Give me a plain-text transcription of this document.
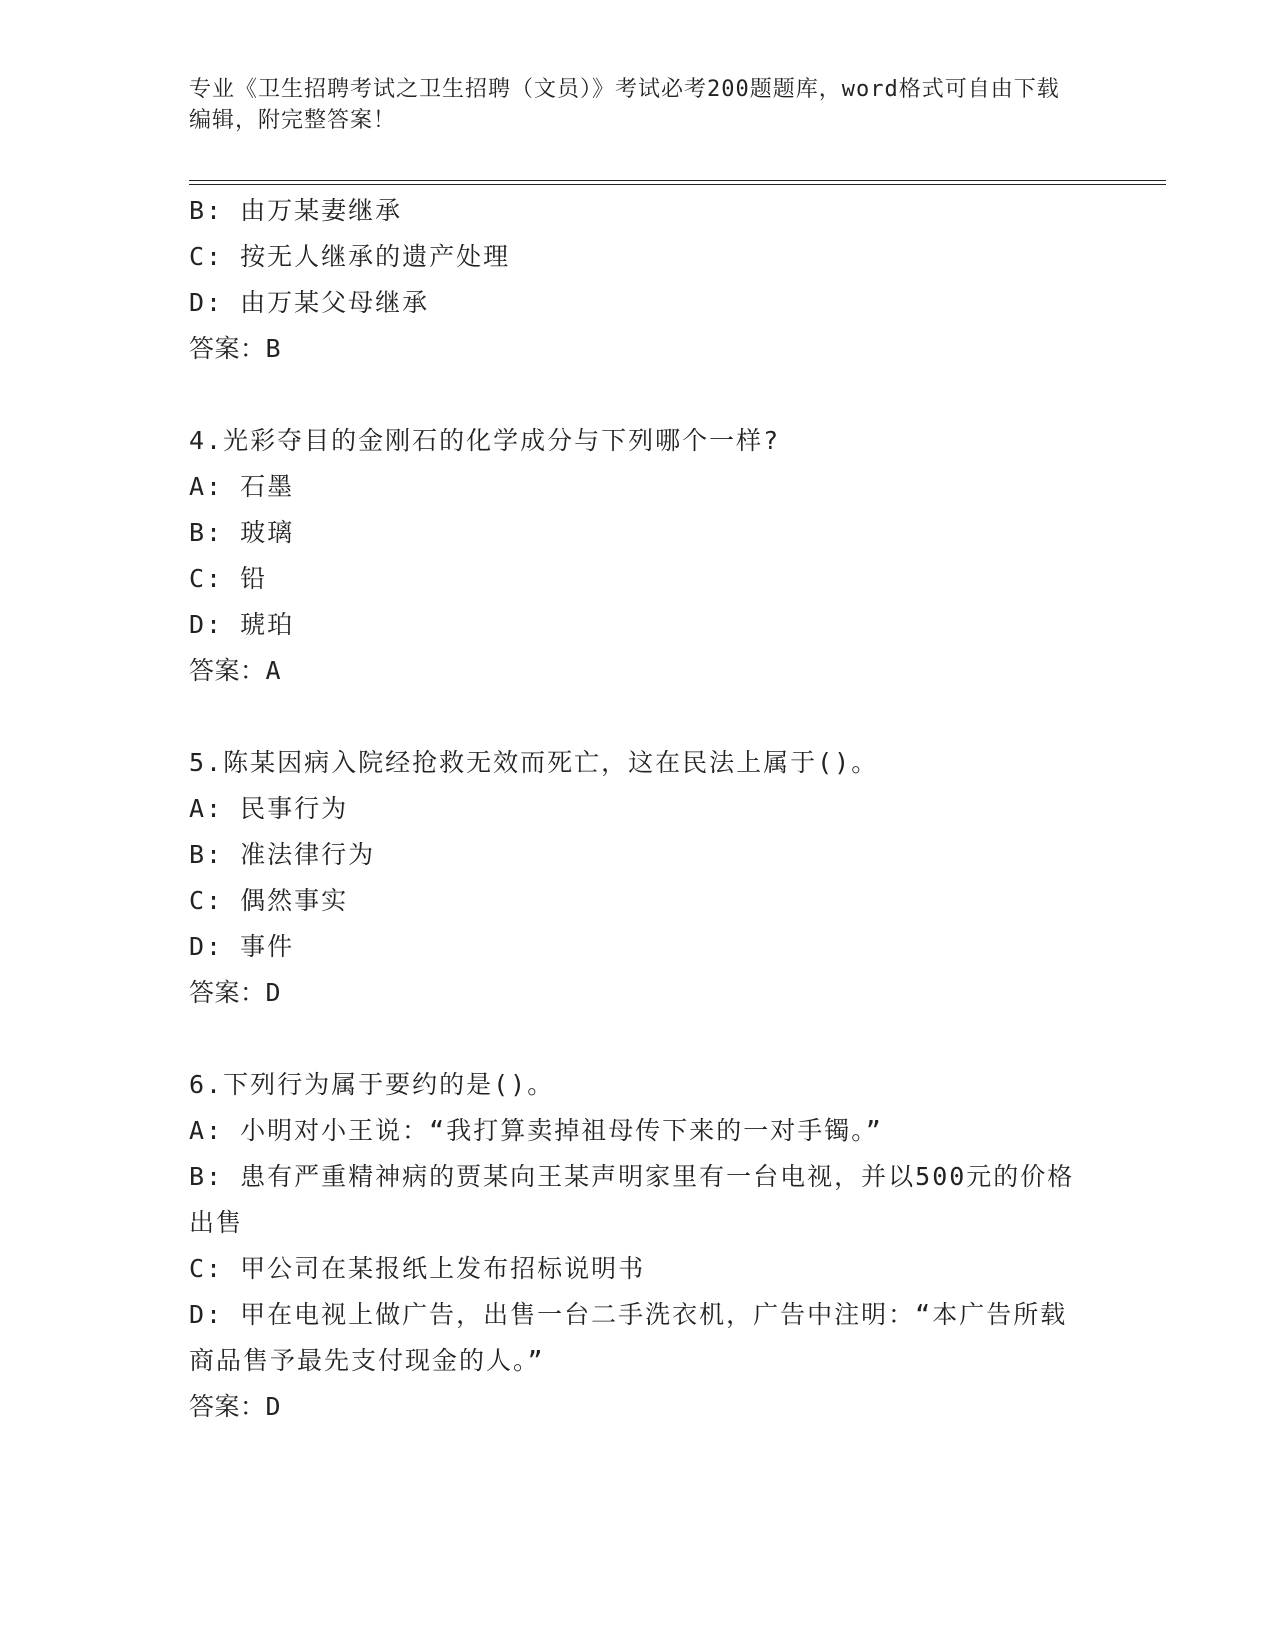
专业《卫生招聘考试之卫生招聘（文员）》考试必考200题题库，word格式可自由下载编辑，附完整答案！
B: 由万某妻继承
C: 按无人继承的遗产处理
D: 由万某父母继承
答案：B
4.光彩夺目的金刚石的化学成分与下列哪个一样?
A: 石墨
B: 玻璃
C: 铅
D: 琥珀
答案：A
5.陈某因病入院经抢救无效而死亡，这在民法上属于()。
A: 民事行为
B: 准法律行为
C: 偶然事实
D: 事件
答案：D
6.下列行为属于要约的是()。
A: 小明对小王说：“我打算卖掉祖母传下来的一对手镯。”
B: 患有严重精神病的贾某向王某声明家里有一台电视，并以500元的价格出售
C: 甲公司在某报纸上发布招标说明书
D: 甲在电视上做广告，出售一台二手洗衣机，广告中注明：“本广告所载商品售予最先支付现金的人。”
答案：D
